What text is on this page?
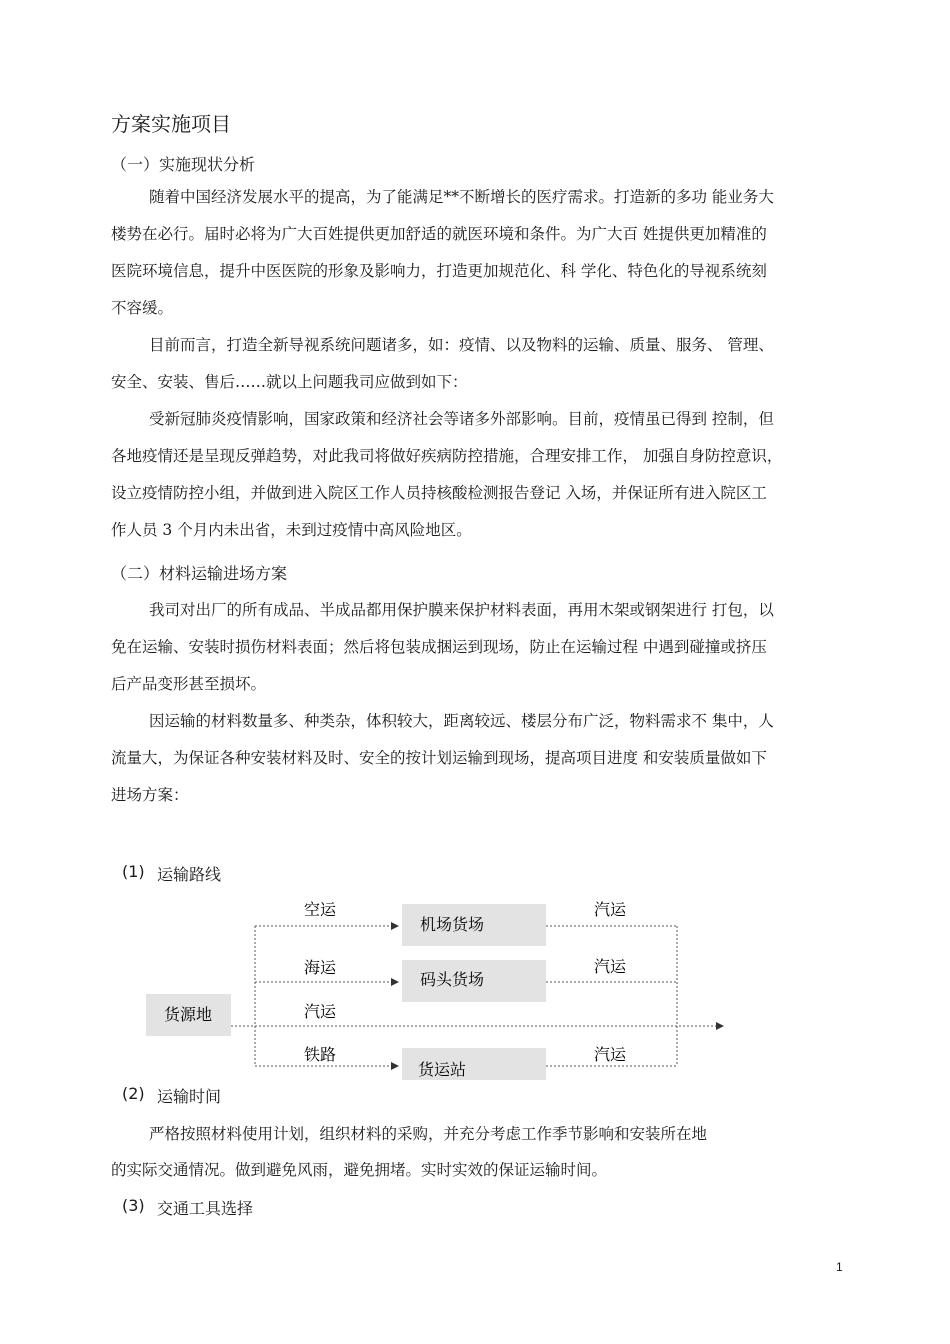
方案实施项目
（一）实施现状分析
随着中国经济发展水平的提高，为了能满足**不断增长的医疗需求。打造新的多功 能业务大
楼势在必行。届时必将为广大百姓提供更加舒适的就医环境和条件。为广大百 姓提供更加精准的
医院环境信息，提升中医医院的形象及影响力，打造更加规范化、科 学化、特色化的导视系统刻
不容缓。
目前而言，打造全新导视系统问题诸多，如：疫情、以及物料的运输、质量、服务、 管理、
安全、安装、售后……就以上问题我司应做到如下：
受新冠肺炎疫情影响，国家政策和经济社会等诸多外部影响。目前，疫情虽已得到 控制，但
各地疫情还是呈现反弹趋势，对此我司将做好疾病防控措施，合理安排工作， 加强自身防控意识，
设立疫情防控小组，并做到进入院区工作人员持核酸检测报告登记 入场，并保证所有进入院区工
作人员 3 个月内未出省，未到过疫情中高风险地区。
（二）材料运输进场方案
我司对出厂的所有成品、半成品都用保护膜来保护材料表面，再用木架或钢架进行 打包，以
免在运输、安装时损伤材料表面；然后将包装成捆运到现场，防止在运输过程 中遇到碰撞或挤压
后产品变形甚至损坏。
因运输的材料数量多、种类杂，体积较大，距离较远、楼层分布广泛，物料需求不 集中，人
流量大，为保证各种安装材料及时、安全的按计划运输到现场，提高项目进度 和安装质量做如下
进场方案：
(1) 运输路线
货源地
空运
机场货场
汽运
海运
码头货场
汽运
汽运
铁路
货运站
汽运
(2) 运输时间
严格按照材料使用计划，组织材料的采购，并充分考虑工作季节影响和安装所在地
的实际交通情况。做到避免风雨，避免拥堵。实时实效的保证运输时间。
(3) 交通工具选择
1
